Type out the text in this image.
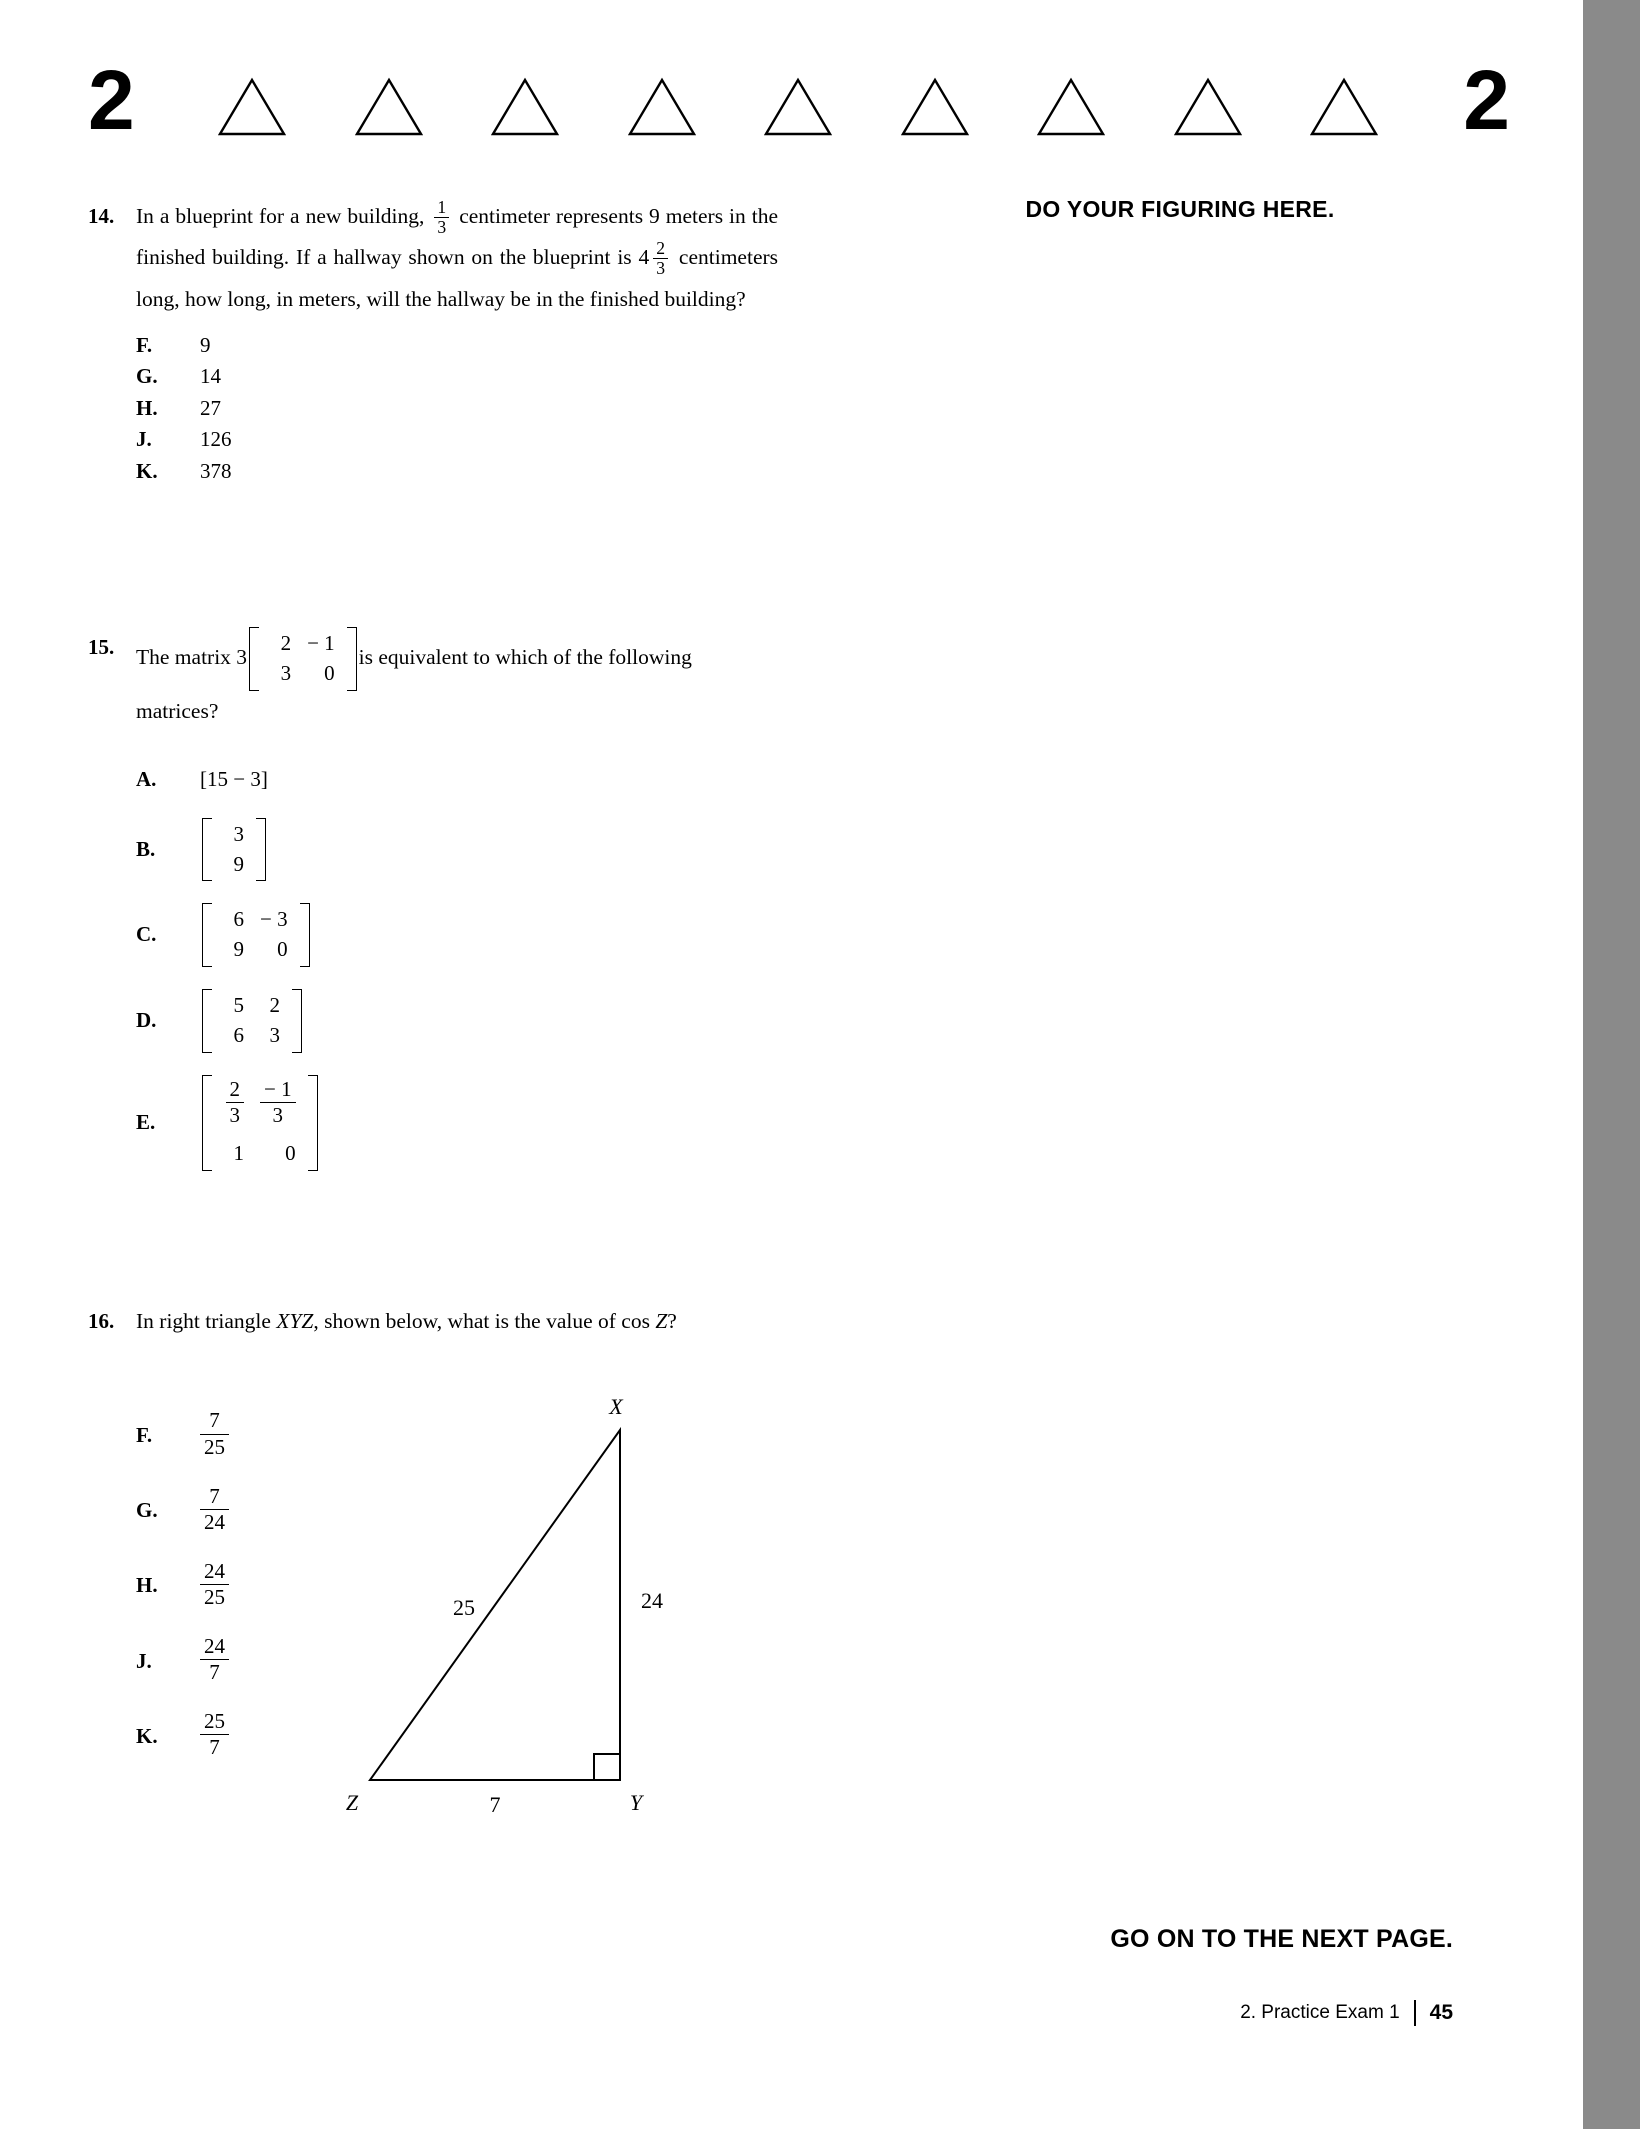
2	2
DO YOUR FIGURING HERE.
14. In a blueprint for a new building, $\frac{1}{3}$ centimeter represents 9 meters in the finished building. If a hallway shown on the blueprint is $4 \frac{2}{3}$ centimeters long, how long, in meters, will the hallway be in the finished building?
F.	9
G.	14
H.	27
J.	126
K.	378
15. The matrix 3
2 − 1
3	0
is equivalent to which of the following matrices?
A.	[15 − 3]
B.
3
9
C.
6 − 3
9	0
D.
5	2
6	3
E.	$\frac{2}{3} \frac{- 1}{3}$
1	0
16. In right triangle XYZ, shown below, what is the value of cos Z?
F.	$\frac{7}{25}$
G.	$\frac{7}{24}$
H.	$\frac{24}{25}$
J.	$\frac{24}{7}$
K.	$\frac{25}{7}$
X
Z	Y
25	24
7
GO ON TO THE NEXT PAGE.
2. Practice Exam 1 45
